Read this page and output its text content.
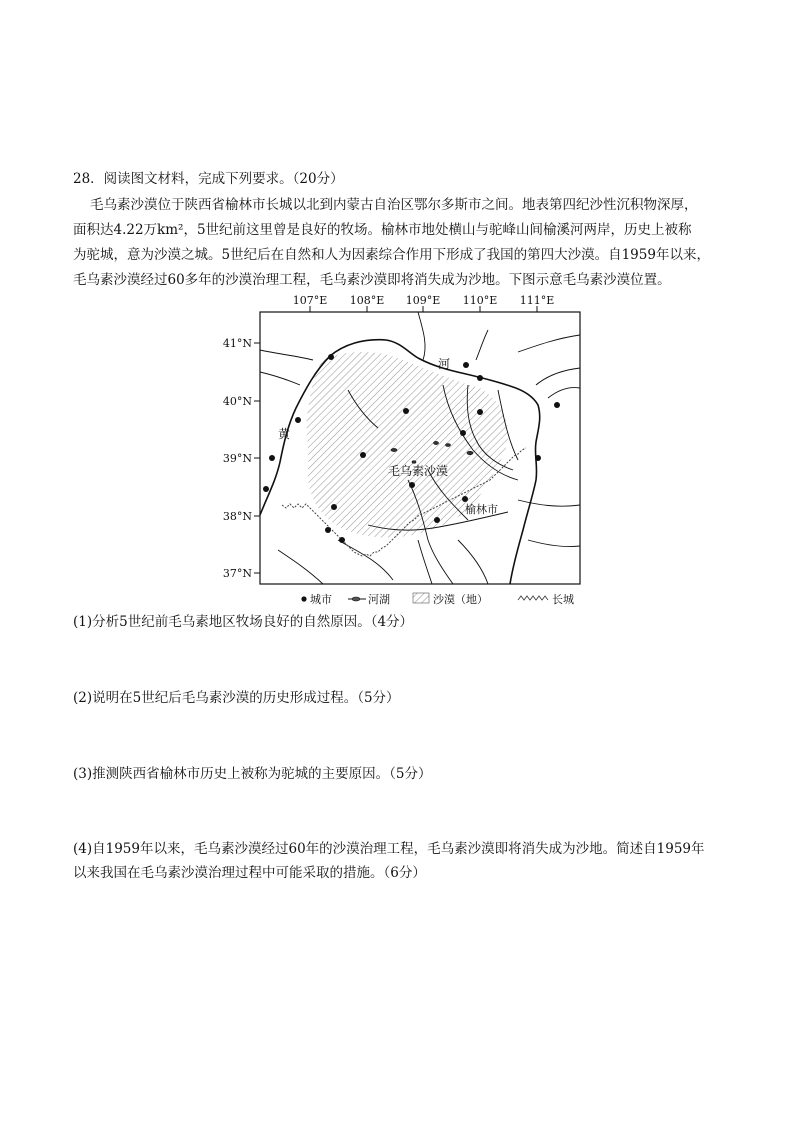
28．阅读图文材料，完成下列要求。（20分）
毛乌素沙漠位于陕西省榆林市长城以北到内蒙古自治区鄂尔多斯市之间。地表第四纪沙性沉积物深厚，
面积达4.22万km²，5世纪前这里曾是良好的牧场。榆林市地处横山与驼峰山间榆溪河两岸，历史上被称
为驼城，意为沙漠之城。5世纪后在自然和人为因素综合作用下形成了我国的第四大沙漠。自1959年以来，
毛乌素沙漠经过60多年的沙漠治理工程，毛乌素沙漠即将消失成为沙地。下图示意毛乌素沙漠位置。
107°E 108°E 109°E 110°E 111°E
41°N
40°N
39°N
38°N
37°N
河
黄
毛乌素沙漠
榆林市
城市	河湖	沙漠（地）	长城
(1)分析5世纪前毛乌素地区牧场良好的自然原因。（4分）
(2)说明在5世纪后毛乌素沙漠的历史形成过程。（5分）
(3)推测陕西省榆林市历史上被称为驼城的主要原因。（5分）
(4)自1959年以来，毛乌素沙漠经过60年的沙漠治理工程，毛乌素沙漠即将消失成为沙地。简述自1959年
以来我国在毛乌素沙漠治理过程中可能采取的措施。（6分）
